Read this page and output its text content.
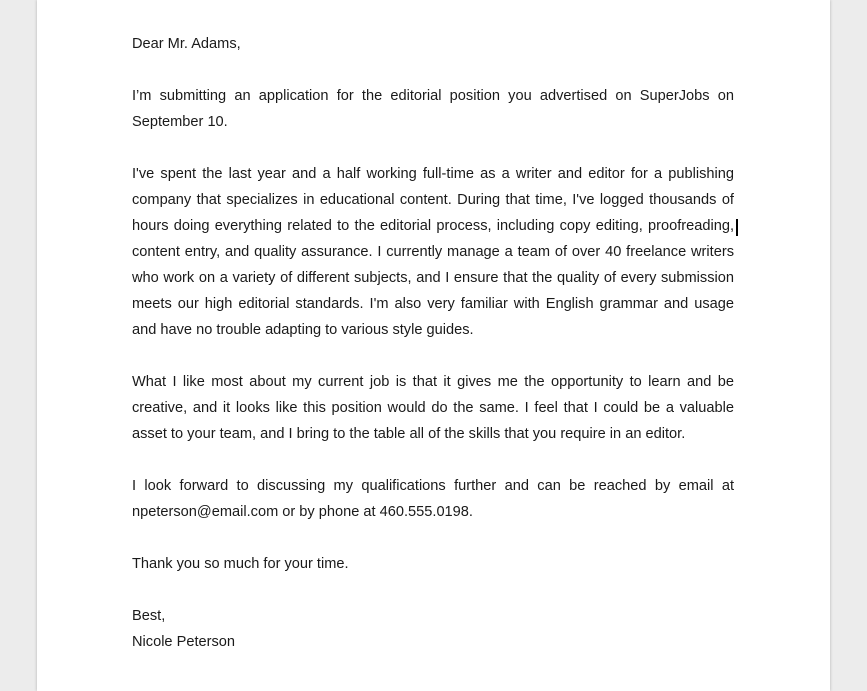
Dear Mr. Adams,

I’m submitting an application for the editorial position you advertised on SuperJobs on September 10.

I've spent the last year and a half working full-time as a writer and editor for a publishing company that specializes in educational content. During that time, I've logged thousands of hours doing everything related to the editorial process, including copy editing, proofreading, content entry, and quality assurance. I currently manage a team of over 40 freelance writers who work on a variety of different subjects, and I ensure that the quality of every submission meets our high editorial standards. I'm also very familiar with English grammar and usage and have no trouble adapting to various style guides.

What I like most about my current job is that it gives me the opportunity to learn and be creative, and it looks like this position would do the same. I feel that I could be a valuable asset to your team, and I bring to the table all of the skills that you require in an editor.

I look forward to discussing my qualifications further and can be reached by email at npeterson@email.com or by phone at 460.555.0198.

Thank you so much for your time.

Best,

Nicole Peterson
